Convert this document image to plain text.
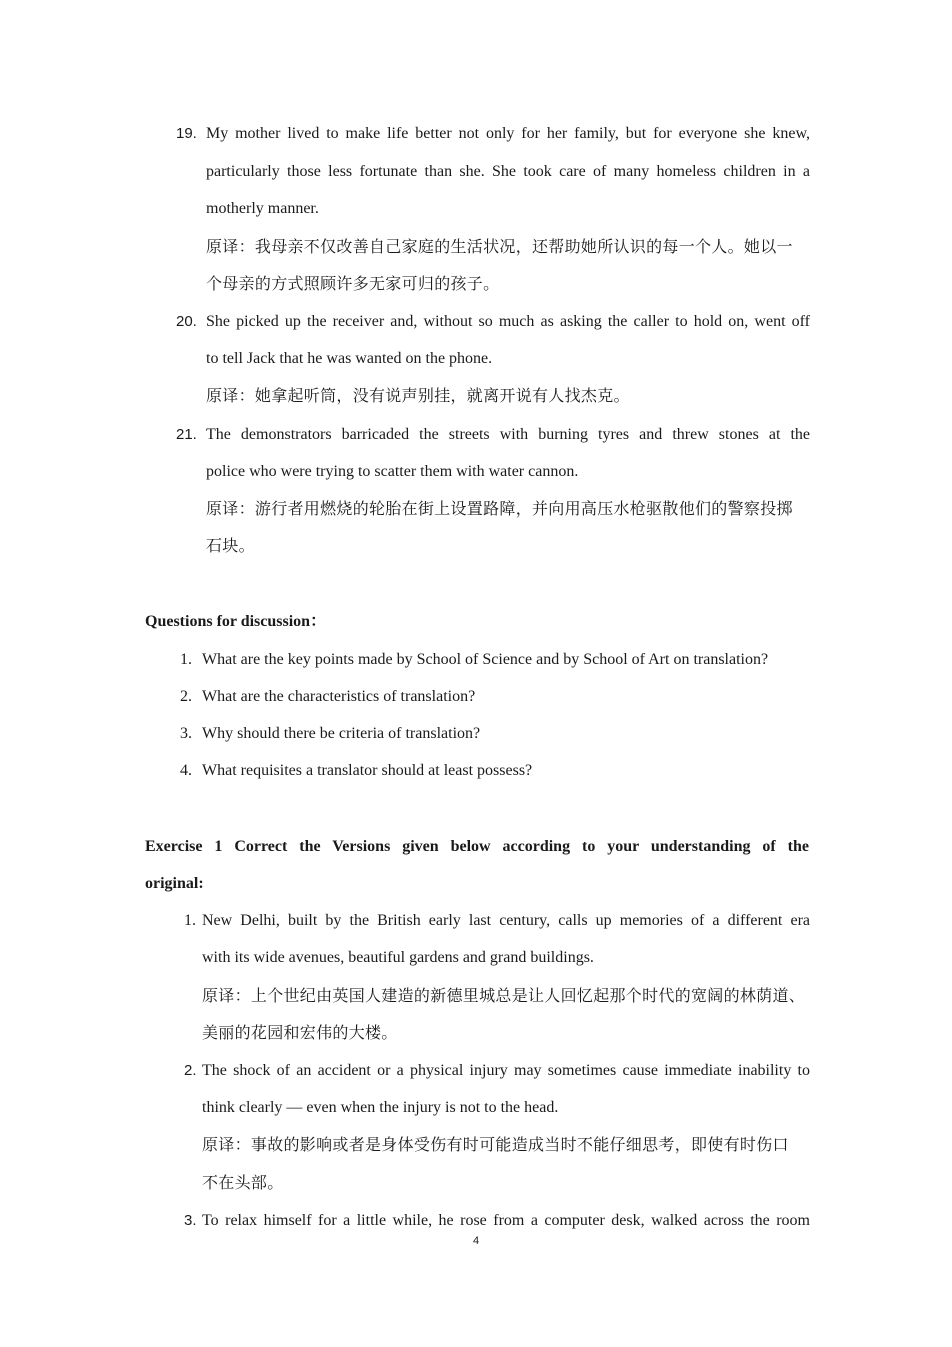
19. My mother lived to make life better not only for her family, but for everyone she knew,
particularly those less fortunate than she. She took care of many homeless children in a
motherly manner.
原译：我母亲不仅改善自己家庭的生活状况，还帮助她所认识的每一个人。她以一
个母亲的方式照顾许多无家可归的孩子。
20. She picked up the receiver and, without so much as asking the caller to hold on, went off
to tell Jack that he was wanted on the phone.
原译：她拿起听筒，没有说声别挂，就离开说有人找杰克。
21. The demonstrators barricaded the streets with burning tyres and threw stones at the
police who were trying to scatter them with water cannon.
原译：游行者用燃烧的轮胎在街上设置路障，并向用高压水枪驱散他们的警察投掷
石块。
Questions for discussion：
1. What are the key points made by School of Science and by School of Art on translation?
2. What are the characteristics of translation?
3. Why should there be criteria of translation?
4. What requisites a translator should at least possess?
Exercise 1 Correct the Versions given below according to your understanding of the
original:
1. New Delhi, built by the British early last century, calls up memories of a different era
with its wide avenues, beautiful gardens and grand buildings.
原译：上个世纪由英国人建造的新德里城总是让人回忆起那个时代的宽阔的林荫道、
美丽的花园和宏伟的大楼。
2. The shock of an accident or a physical injury may sometimes cause immediate inability to
think clearly — even when the injury is not to the head.
原译：事故的影响或者是身体受伤有时可能造成当时不能仔细思考，即使有时伤口
不在头部。
3. To relax himself for a little while, he rose from a computer desk, walked across the room
4
